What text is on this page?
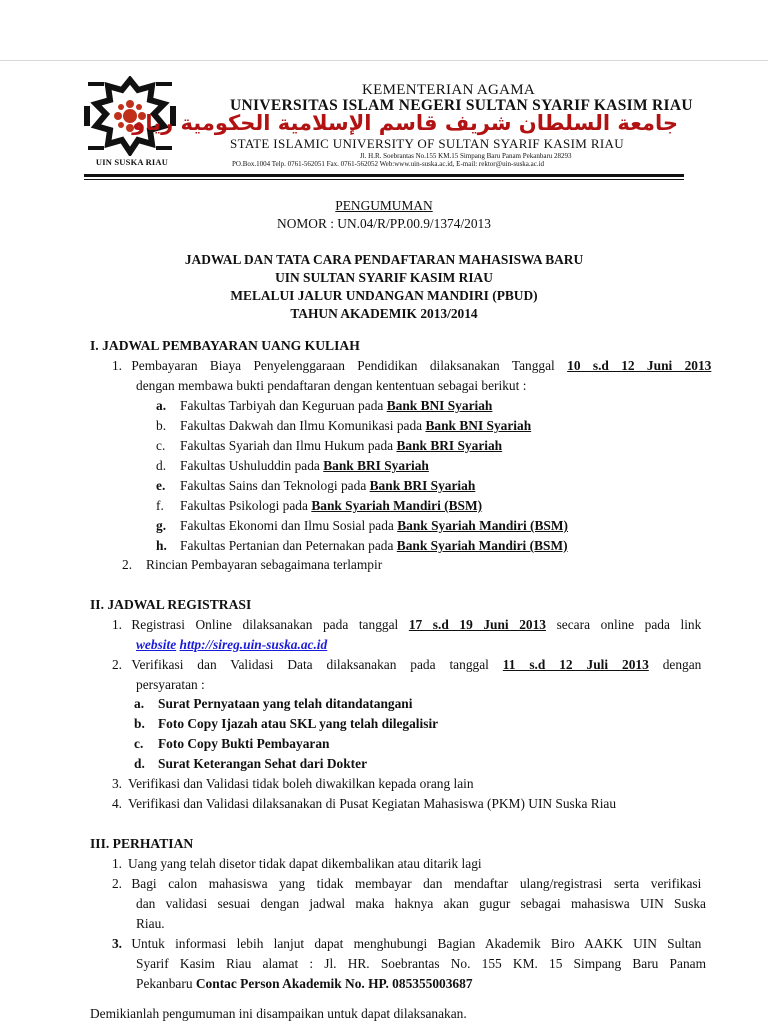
UIN SUSKA RIAU
KEMENTERIAN AGAMA
UNIVERSITAS ISLAM NEGERI SULTAN SYARIF KASIM RIAU
جامعة السلطان شريف قاسم الإسلامية الحكومية رياو
STATE ISLAMIC UNIVERSITY OF SULTAN SYARIF KASIM RIAU
Jl. H.R. Soebrantas No.155 KM.15 Simpang Baru Panam Pekanbaru 28293
PO.Box.1004 Telp. 0761-562051 Fax. 0761-562052 Web:www.uin-suska.ac.id, E-mail: rektor@uin-suska.ac.id
PENGUMUMAN
NOMOR : UN.04/R/PP.00.9/1374/2013
JADWAL DAN TATA CARA PENDAFTARAN MAHASISWA BARU
UIN SULTAN SYARIF KASIM RIAU
MELALUI JALUR UNDANGAN MANDIRI (PBUD)
TAHUN AKADEMIK 2013/2014
I. JADWAL PEMBAYARAN UANG KULIAH
1. Pembayaran Biaya Penyelenggaraan Pendidikan dilaksanakan Tanggal 10 s.d 12 Juni 2013
dengan membawa bukti pendaftaran dengan kententuan sebagai berikut :
a. Fakultas Tarbiyah dan Keguruan pada Bank BNI Syariah
b. Fakultas Dakwah dan Ilmu Komunikasi pada Bank BNI Syariah
c. Fakultas Syariah dan Ilmu Hukum pada Bank BRI Syariah
d. Fakultas Ushuluddin pada Bank BRI Syariah
e. Fakultas Sains dan Teknologi pada Bank BRI Syariah
f. Fakultas Psikologi pada Bank Syariah Mandiri (BSM)
g. Fakultas Ekonomi dan Ilmu Sosial pada Bank Syariah Mandiri (BSM)
h. Fakultas Pertanian dan Peternakan pada Bank Syariah Mandiri (BSM)
2. Rincian Pembayaran sebagaimana terlampir
II. JADWAL REGISTRASI
1. Registrasi Online dilaksanakan pada tanggal 17 s.d 19 Juni 2013 secara online pada link
website http://sireg.uin-suska.ac.id
2. Verifikasi dan Validasi Data dilaksanakan pada tanggal 11 s.d 12 Juli 2013 dengan
persyaratan :
a. Surat Pernyataan yang telah ditandatangani
b. Foto Copy Ijazah atau SKL yang telah dilegalisir
c. Foto Copy Bukti Pembayaran
d. Surat Keterangan Sehat dari Dokter
3. Verifikasi dan Validasi tidak boleh diwakilkan kepada orang lain
4. Verifikasi dan Validasi dilaksanakan di Pusat Kegiatan Mahasiswa (PKM) UIN Suska Riau
III. PERHATIAN
1. Uang yang telah disetor tidak dapat dikembalikan atau ditarik lagi
2. Bagi calon mahasiswa yang tidak membayar dan mendaftar ulang/registrasi serta verifikasi
dan validasi sesuai dengan jadwal maka haknya akan gugur sebagai mahasiswa UIN Suska
Riau.
3. Untuk informasi lebih lanjut dapat menghubungi Bagian Akademik Biro AAKK UIN Sultan
Syarif Kasim Riau alamat : Jl. HR. Soebrantas No. 155 KM. 15 Simpang Baru Panam
Pekanbaru Contac Person Akademik No. HP. 085355003687
Demikianlah pengumuman ini disampaikan untuk dapat dilaksanakan.
